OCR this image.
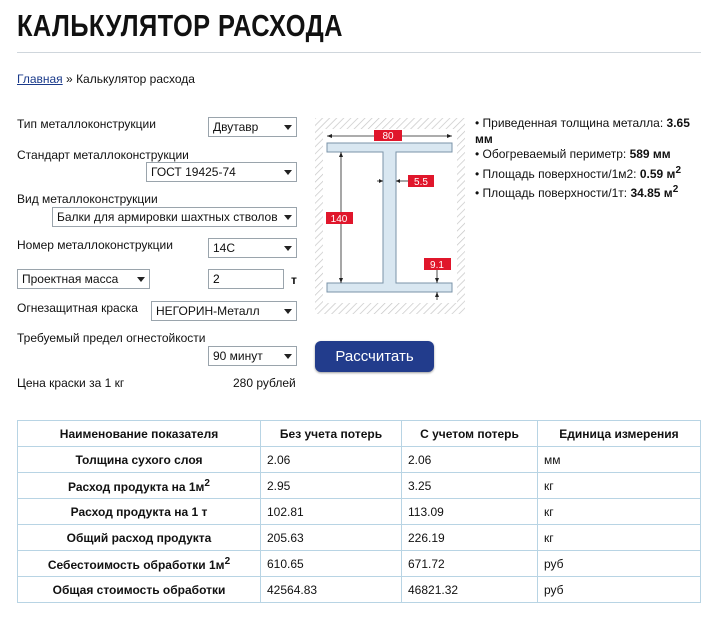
КАЛЬКУЛЯТОР РАСХОДА
Главная » Калькулятор расхода
Тип металлоконструкции	Двутавр
Стандарт металлоконструкции
ГОСТ 19425-74
Вид металлоконструкции
Балки для армировки шахтных стволов
Номер металлоконструкции	14С
Проектная масса
2	т
Огнезащитная краска	НЕГОРИН-Металл
Требуемый предел огнестойкости
90 минут
Цена краски за 1 кг	280 рублей
Рассчитать
80
140
5.5
9.1
• Приведенная толщина металла: 3.65 мм
• Обогреваемый периметр: 589 мм
• Площадь поверхности/1м2: 0.59 $м^2$
• Площадь поверхности/1т: 34.85 $м^2$
Наименование показателя	Без учета потерь	С учетом потерь	Единица измерения
Толщина сухого слоя	2.06	2.06	мм
Расход продукта на $1м^2$	2.95	3.25	кг
Расход продукта на 1 т	102.81	113.09	кг
Общий расход продукта	205.63	226.19	кг
Себестоимость обработки $1м^2$	610.65	671.72	руб
Общая стоимость обработки	42564.83	46821.32	руб
